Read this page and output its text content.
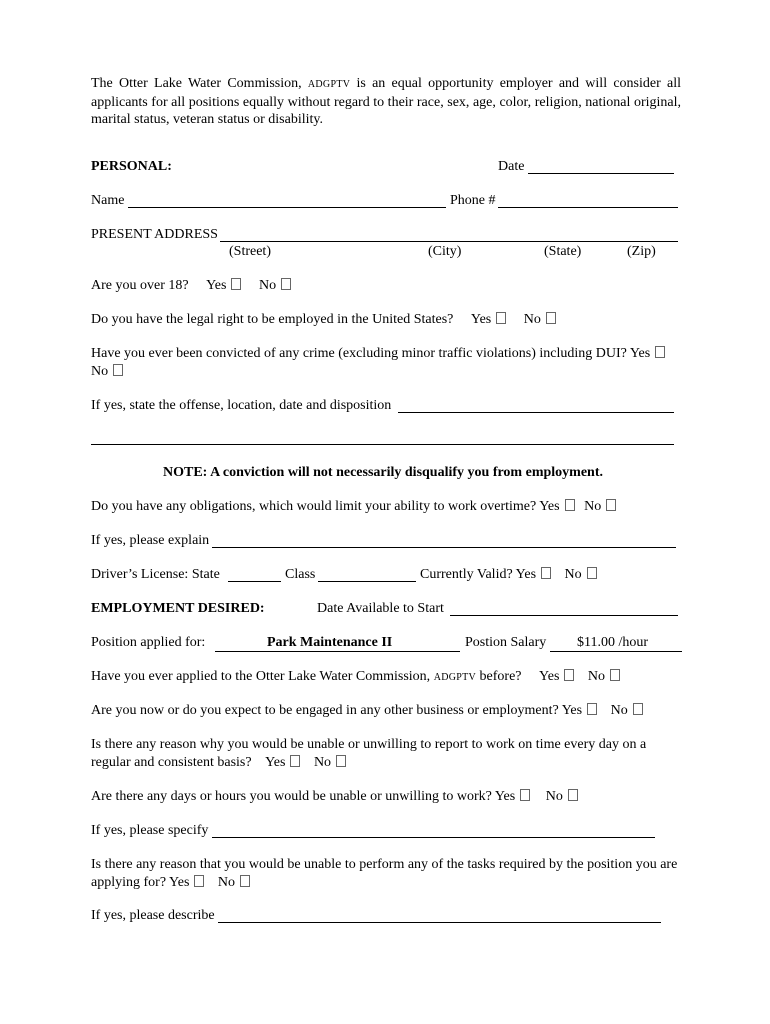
The Otter Lake Water Commission, ADGPTV is an equal opportunity employer and will consider all applicants for all positions equally without regard to their race, sex, age, color, religion, national original, marital status, veteran status or disability.
PERSONAL:	Date
Name	Phone #
PRESENT ADDRESS
(Street)	(City)	(State)	(Zip)
Are you over 18? Yes No
Do you have the legal right to be employed in the United States? Yes No
Have you ever been convicted of any crime (excluding minor traffic violations) including DUI? Yes
No
If yes, state the offense, location, date and disposition
NOTE: A conviction will not necessarily disqualify you from employment.
Do you have any obligations, which would limit your ability to work overtime? Yes No
If yes, please explain
Driver’s License: State	Class	Currently Valid? Yes No
EMPLOYMENT DESIRED:	Date Available to Start
Position applied for:	Park Maintenance II	Postion Salary $11.00 /hour
Have you ever applied to the Otter Lake Water Commission, ADGPTV before? Yes No
Are you now or do you expect to be engaged in any other business or employment? Yes No
Is there any reason why you would be unable or unwilling to report to work on time every day on a
regular and consistent basis? Yes No
Are there any days or hours you would be unable or unwilling to work? Yes No
If yes, please specify
Is there any reason that you would be unable to perform any of the tasks required by the position you are
applying for? Yes No
If yes, please describe
